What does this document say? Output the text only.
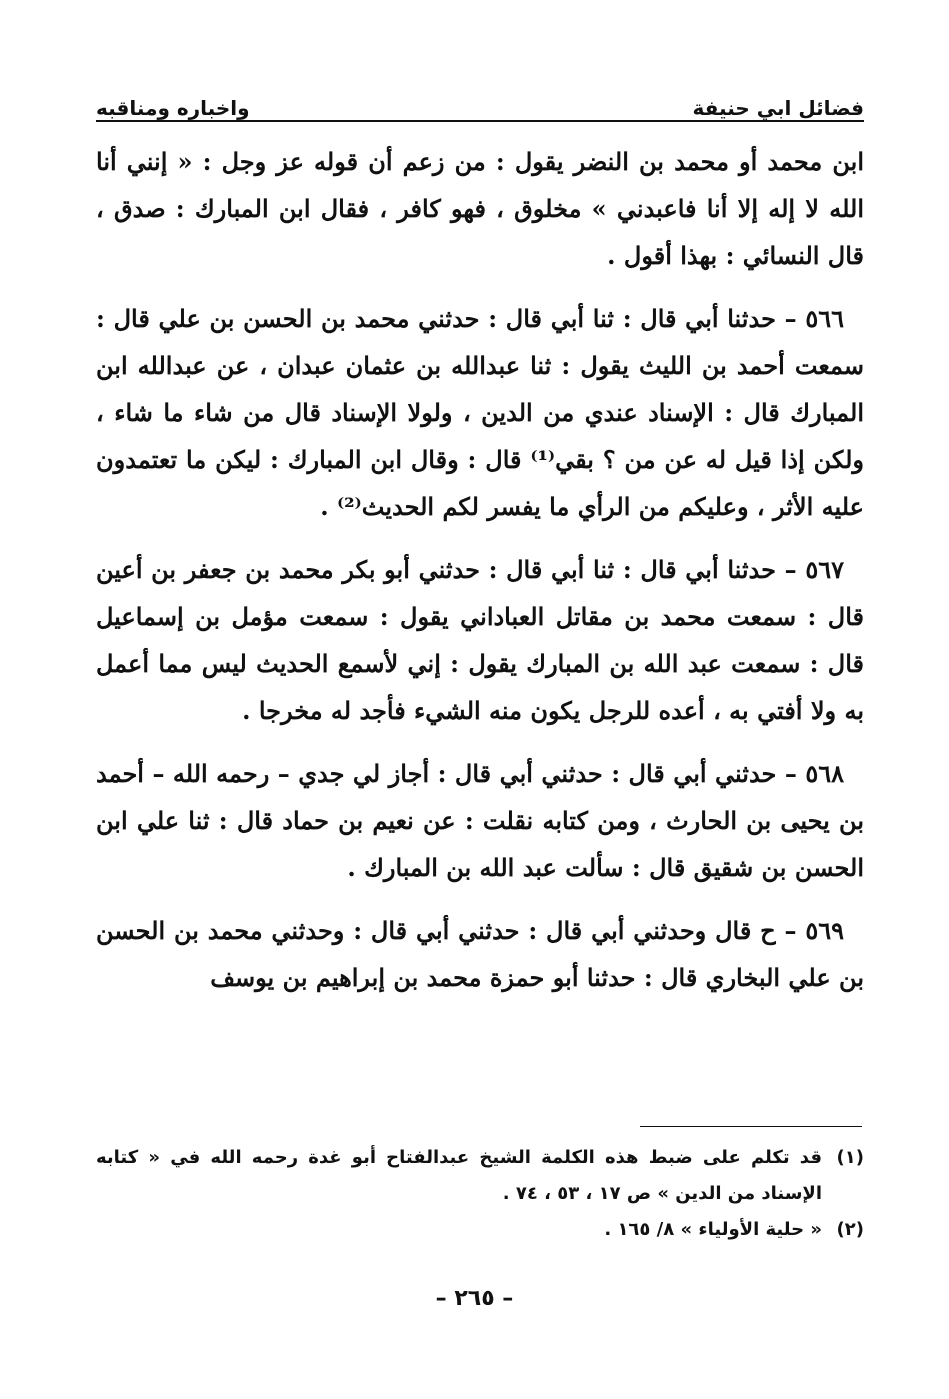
فضائل ابي حنيفة
واخباره ومناقبه

ابن محمد أو محمد بن النضر يقول : من زعم أن قوله عز وجل : « إنني أنا الله لا إله إلا أنا فاعبدني » مخلوق ، فهو كافر ، فقال ابن المبارك : صدق ، قال النسائي : بهذا أقول .

٥٦٦ – حدثنا أبي قال : ثنا أبي قال : حدثني محمد بن الحسن بن علي قال : سمعت أحمد بن الليث يقول : ثنا عبدالله بن عثمان عبدان ، عن عبدالله ابن المبارك قال : الإسناد عندي من الدين ، ولولا الإسناد قال من شاء ما شاء ، ولكن إذا قيل له عن من ؟ بقي⁽¹⁾ قال : وقال ابن المبارك : ليكن ما تعتمدون عليه الأثر ، وعليكم من الرأي ما يفسر لكم الحديث⁽²⁾ .

٥٦٧ – حدثنا أبي قال : ثنا أبي قال : حدثني أبو بكر محمد بن جعفر بن أعين قال : سمعت محمد بن مقاتل العباداني يقول : سمعت مؤمل بن إسماعيل قال : سمعت عبد الله بن المبارك يقول : إني لأسمع الحديث ليس مما أعمل به ولا أفتي به ، أعده للرجل يكون منه الشيء فأجد له مخرجا .

٥٦٨ – حدثني أبي قال : حدثني أبي قال : أجاز لي جدي – رحمه الله – أحمد بن يحيى بن الحارث ، ومن كتابه نقلت : عن نعيم بن حماد قال : ثنا علي ابن الحسن بن شقيق قال : سألت عبد الله بن المبارك .

٥٦٩ – ح قال وحدثني أبي قال : حدثني أبي قال : وحدثني محمد بن الحسن بن علي البخاري قال : حدثنا أبو حمزة محمد بن إبراهيم بن يوسف

(١)
قد تكلم على ضبط هذه الكلمة الشيخ عبدالفتاح أبو غدة رحمه الله في « كتابه الإسناد من الدين » ص ١٧ ، ٥٣ ، ٧٤ .
(٢)
« حلية الأولياء » ٨/ ١٦٥ .
– ٢٦٥ –
